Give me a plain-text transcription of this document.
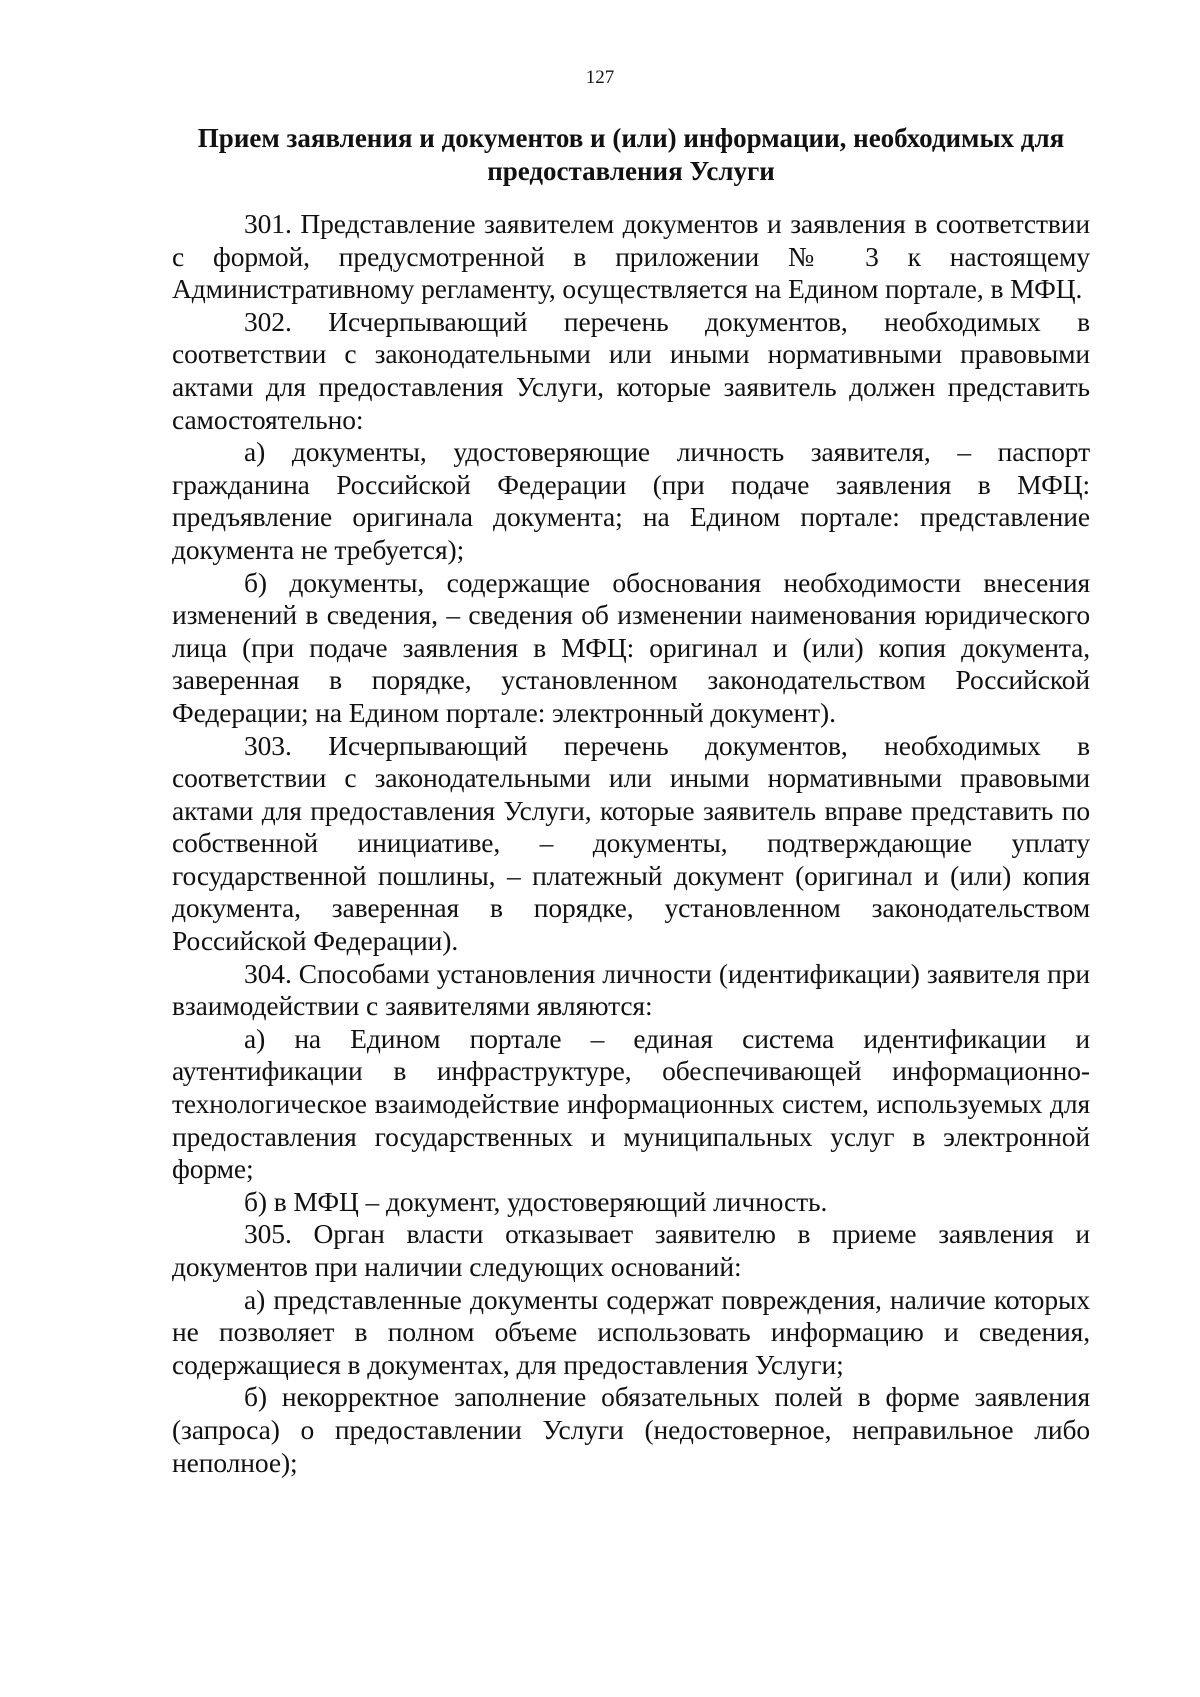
127
Прием заявления и документов и (или) информации, необходимых для предоставления Услуги

301. Представление заявителем документов и заявления в соответствии с формой, предусмотренной в приложении № 3 к настоящему Административному регламенту, осуществляется на Едином портале, в МФЦ.

302. Исчерпывающий перечень документов, необходимых в соответствии с законодательными или иными нормативными правовыми актами для предоставления Услуги, которые заявитель должен представить самостоятельно:

а) документы, удостоверяющие личность заявителя, – паспорт гражданина Российской Федерации (при подаче заявления в МФЦ: предъявление оригинала документа; на Едином портале: представление документа не требуется);

б) документы, содержащие обоснования необходимости внесения изменений в сведения, – сведения об изменении наименования юридического лица (при подаче заявления в МФЦ: оригинал и (или) копия документа, заверенная в порядке, установленном законодательством Российской Федерации; на Едином портале: электронный документ).

303. Исчерпывающий перечень документов, необходимых в соответствии с законодательными или иными нормативными правовыми актами для предоставления Услуги, которые заявитель вправе представить по собственной инициативе, – документы, подтверждающие уплату государственной пошлины, – платежный документ (оригинал и (или) копия документа, заверенная в порядке, установленном законодательством Российской Федерации).

304. Способами установления личности (идентификации) заявителя при взаимодействии с заявителями являются:

а) на Едином портале – единая система идентификации и аутентификации в инфраструктуре, обеспечивающей информационно-технологическое взаимодействие информационных систем, используемых для предоставления государственных и муниципальных услуг в электронной форме;

б) в МФЦ – документ, удостоверяющий личность.

305. Орган власти отказывает заявителю в приеме заявления и документов при наличии следующих оснований:

а) представленные документы содержат повреждения, наличие которых не позволяет в полном объеме использовать информацию и сведения, содержащиеся в документах, для предоставления Услуги;

б) некорректное заполнение обязательных полей в форме заявления (запроса) о предоставлении Услуги (недостоверное, неправильное либо неполное);
